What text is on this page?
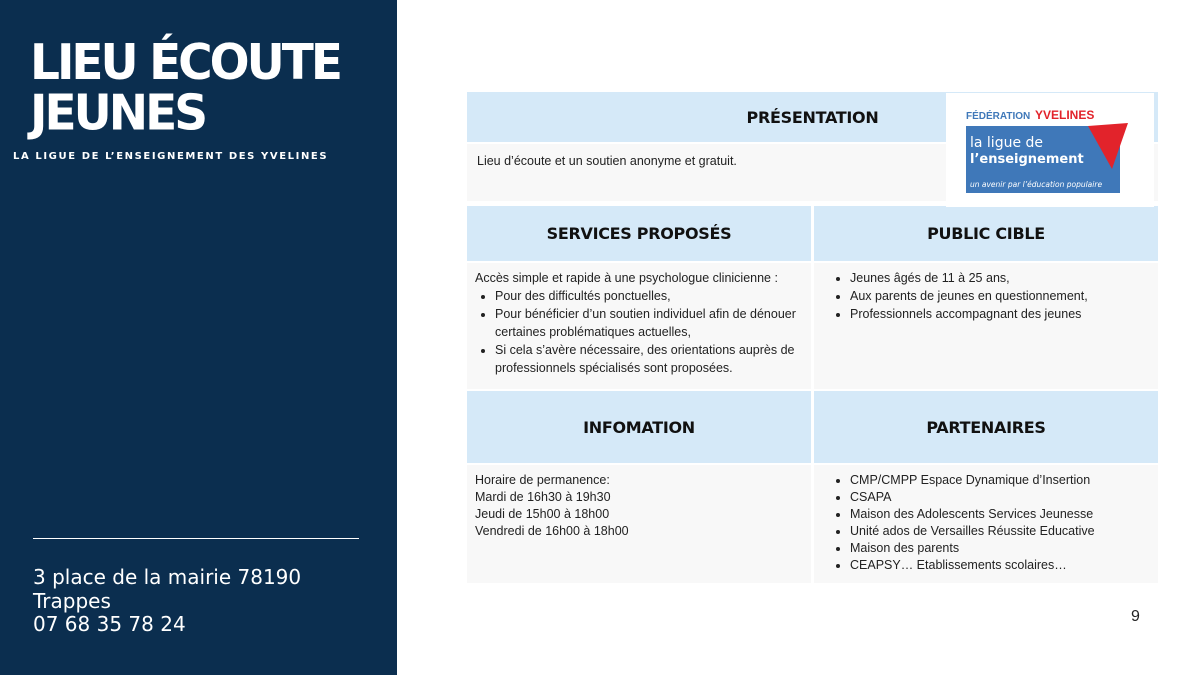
LIEU ÉCOUTE
JEUNES

LA LIGUE DE L’ENSEIGNEMENT DES YVELINES

3 place de la mairie 78190
Trappes
07 68 35 78 24
PRÉSENTATION

Lieu d’écoute et un soutien anonyme et gratuit.

SERVICES PROPOSÉS

Accès simple et rapide à une psychologue clinicienne :

• Pour des difficultés ponctuelles,
• Pour bénéficier d’un soutien individuel afin de dénouer certaines problématiques actuelles,
• Si cela s’avère nécessaire, des orientations auprès de professionnels spécialisés sont proposées.
PUBLIC CIBLE
• Jeunes âgés de 11 à 25 ans,
• Aux parents de jeunes en questionnement,
• Professionnels accompagnant des jeunes
INFOMATION

Horaire de permanence:

Mardi de 16h30 à 19h30

Jeudi de 15h00 à 18h00

Vendredi de 16h00 à 18h00

PARTENAIRES
• CMP/CMPP Espace Dynamique d’Insertion
• CSAPA
• Maison des Adolescents Services Jeunesse
• Unité ados de Versailles Réussite Educative
• Maison des parents
• CEAPSY… Etablissements scolaires…
FÉDÉRATION YVELINES
la ligue de
l’enseignement
un avenir par l’éducation populaire
9
